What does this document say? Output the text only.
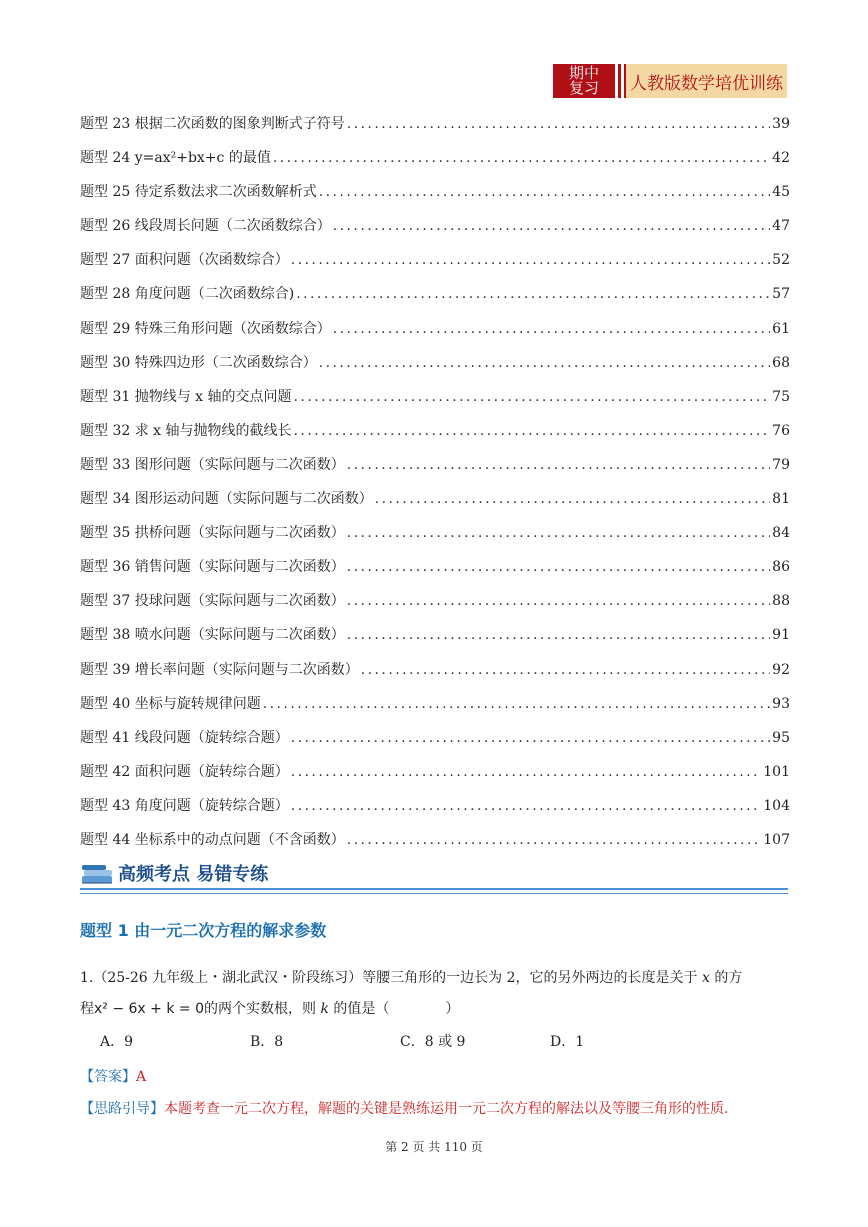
期中
复习 人教版数学培优训练
题型 23 根据二次函数的图象判断式子符号 . . .	39
题型 24 y=ax²+bx+c 的最值 . . .	42
题型 25 待定系数法求二次函数解析式 . . .	45
题型 26 线段周长问题（二次函数综合） . . .	47
题型 27 面积问题（次函数综合） . . .	52
题型 28 角度问题（二次函数综合) . . .	57
题型 29 特殊三角形问题（次函数综合） . . .	61
题型 30 特殊四边形（二次函数综合） . . .	68
题型 31 抛物线与 x 轴的交点问题 . . .	75
题型 32 求 x 轴与抛物线的截线长 . . .	76
题型 33 图形问题（实际问题与二次函数） . . .	79
题型 34 图形运动问题（实际问题与二次函数） . . .	81
题型 35 拱桥问题（实际问题与二次函数） . . .	84
题型 36 销售问题（实际问题与二次函数） . . .	86
题型 37 投球问题（实际问题与二次函数） . . .	88
题型 38 喷水问题（实际问题与二次函数） . . .	91
题型 39 增长率问题（实际问题与二次函数） . . .	92
题型 40 坐标与旋转规律问题 . . .	93
题型 41 线段问题（旋转综合题） . . .	95
题型 42 面积问题（旋转综合题） . . .	101
题型 43 角度问题（旋转综合题） . . .	104
题型 44 坐标系中的动点问题（不含函数） . . .	107
高频考点 易错专练
题型 1 由一元二次方程的解求参数
1.（25-26 九年级上・湖北武汉・阶段练习）等腰三角形的一边长为 2，它的另外两边的长度是关于 x 的方
程x² − 6x + k = 0的两个实数根，则 k 的值是（　　　　）
A．9	B．8	C．8 或 9	D．1
【答案】A
【思路引导】本题考查一元二次方程，解题的关键是熟练运用一元二次方程的解法以及等腰三角形的性质.
第 2 页 共 110 页
